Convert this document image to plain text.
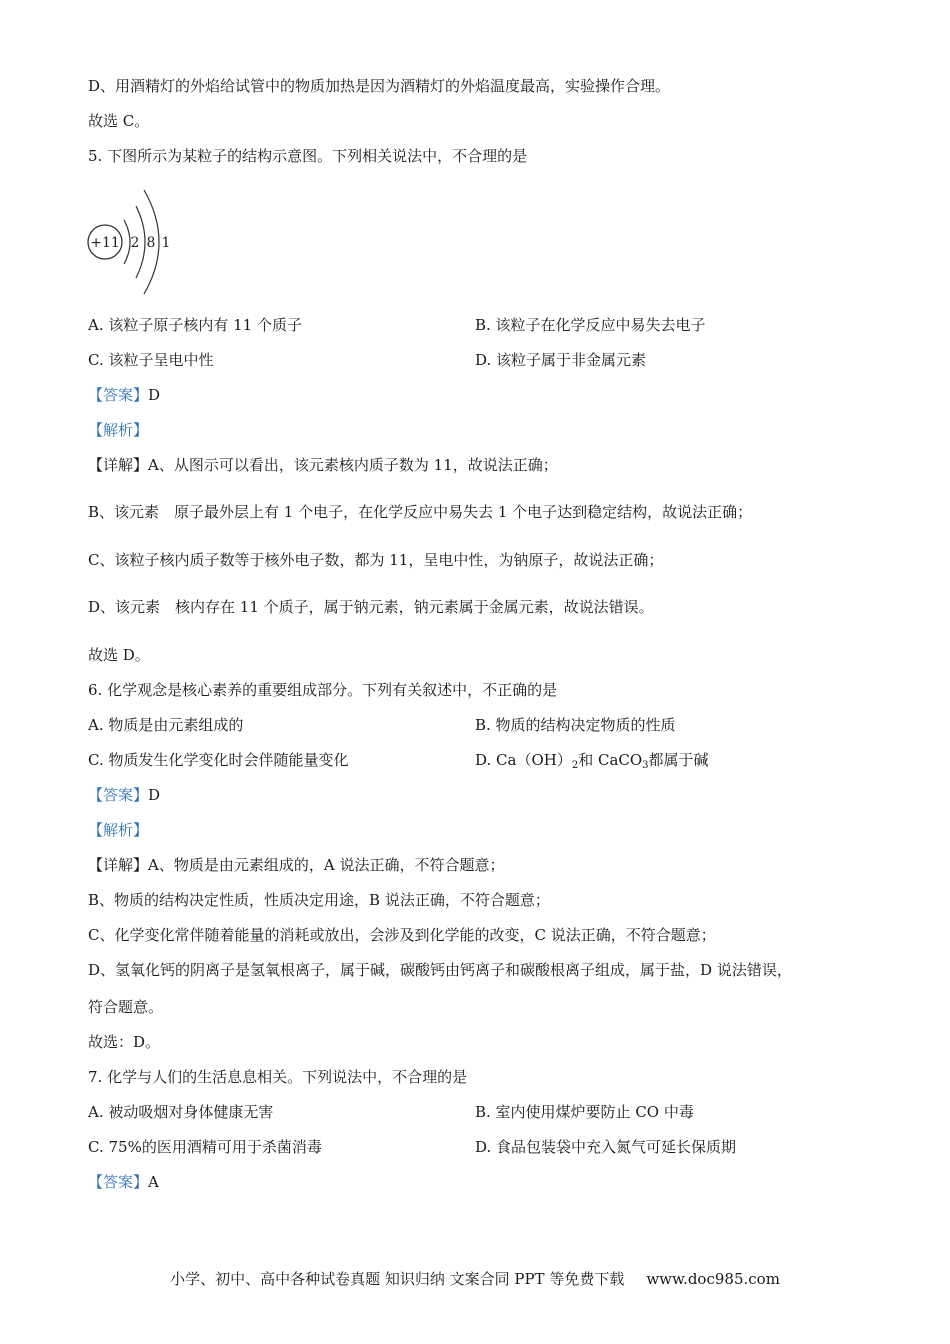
D、用酒精灯的外焰给试管中的物质加热是因为酒精灯的外焰温度最高，实验操作合理。
故选 C。
5. 下图所示为某粒子的结构示意图。下列相关说法中，不合理的是
+11 2 8 1
A. 该粒子原子核内有 11 个质子	B. 该粒子在化学反应中易失去电子
C. 该粒子呈电中性	D. 该粒子属于非金属元素
【答案】D
【解析】
【详解】A、从图示可以看出，该元素核内质子数为 11，故说法正确；
B、该元素　原子最外层上有 1 个电子，在化学反应中易失去 1 个电子达到稳定结构，故说法正确；
C、该粒子核内质子数等于核外电子数，都为 11，呈电中性，为钠原子，故说法正确；
D、该元素　核内存在 11 个质子，属于钠元素，钠元素属于金属元素，故说法错误。
故选 D。
6. 化学观念是核心素养的重要组成部分。下列有关叙述中，不正确的是
A. 物质是由元素组成的	B. 物质的结构决定物质的性质
C. 物质发生化学变化时会伴随能量变化	D. $Ca(OH)_2$和 CaCO$_3$都属于碱
【答案】D
【解析】
【详解】A、物质是由元素组成的，A 说法正确，不符合题意；
B、物质的结构决定性质，性质决定用途，B 说法正确，不符合题意；
C、化学变化常伴随着能量的消耗或放出，会涉及到化学能的改变，C 说法正确，不符合题意；
D、氢氧化钙的阴离子是氢氧根离子，属于碱，碳酸钙由钙离子和碳酸根离子组成，属于盐，D 说法错误，
符合题意。
故选：D。
7. 化学与人们的生活息息相关。下列说法中，不合理的是
A. 被动吸烟对身体健康无害	B. 室内使用煤炉要防止 CO 中毒
C. 75%的医用酒精可用于杀菌消毒	D. 食品包装袋中充入氮气可延长保质期
【答案】A
小学、初中、高中各种试卷真题 知识归纳 文案合同 PPT 等免费下载 www.doc985.com
